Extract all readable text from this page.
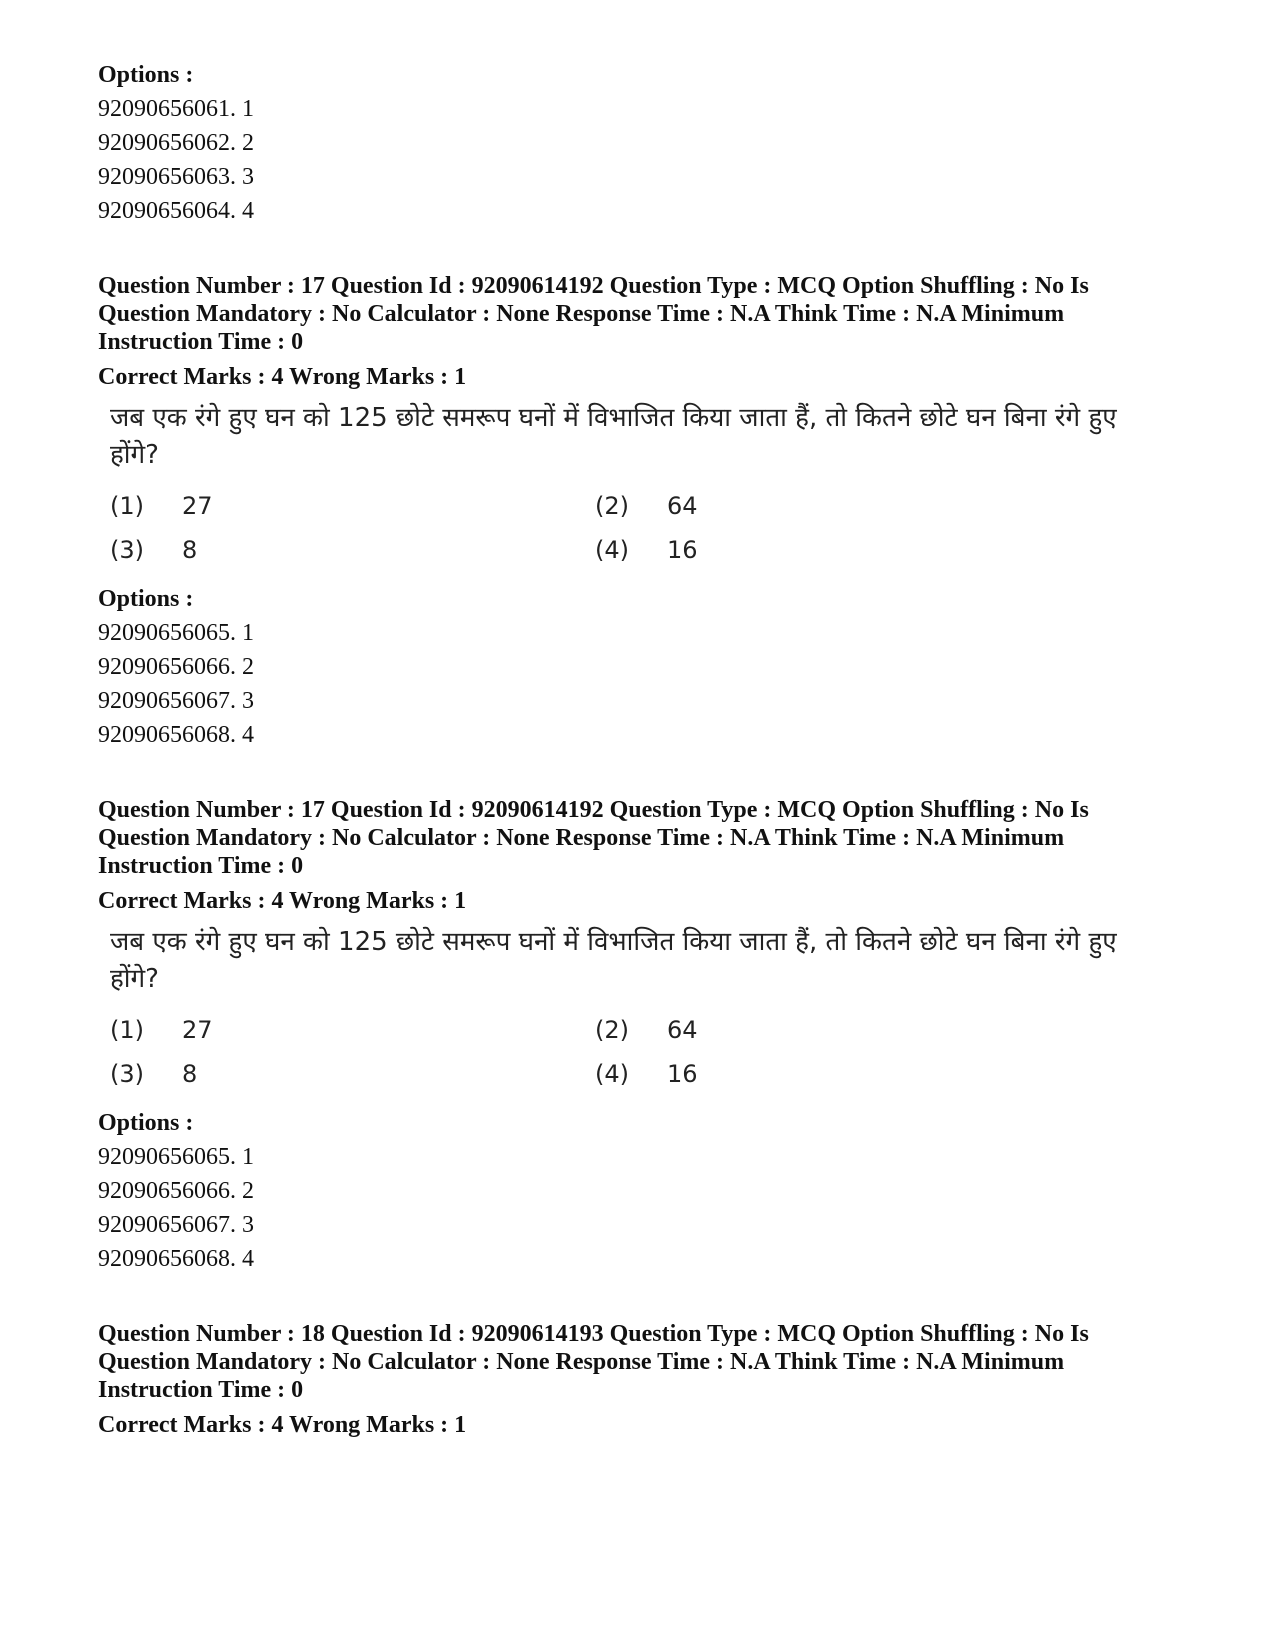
Options :
92090656061. 1
92090656062. 2
92090656063. 3
92090656064. 4
Question Number : 17 Question Id : 92090614192 Question Type : MCQ Option Shuffling : No Is Question Mandatory : No Calculator : None Response Time : N.A Think Time : N.A Minimum Instruction Time : 0
Correct Marks : 4 Wrong Marks : 1
जब एक रंगे हुए घन को 125 छोटे समरूप घनों में विभाजित किया जाता हैं, तो कितने छोटे घन बिना रंगे हुए होंगे?
(1)	27	(2)	64
(3)	8	(4)	16
Options :
92090656065. 1
92090656066. 2
92090656067. 3
92090656068. 4
Question Number : 17 Question Id : 92090614192 Question Type : MCQ Option Shuffling : No Is Question Mandatory : No Calculator : None Response Time : N.A Think Time : N.A Minimum Instruction Time : 0
Correct Marks : 4 Wrong Marks : 1
जब एक रंगे हुए घन को 125 छोटे समरूप घनों में विभाजित किया जाता हैं, तो कितने छोटे घन बिना रंगे हुए होंगे?
(1)	27	(2)	64
(3)	8	(4)	16
Options :
92090656065. 1
92090656066. 2
92090656067. 3
92090656068. 4
Question Number : 18 Question Id : 92090614193 Question Type : MCQ Option Shuffling : No Is Question Mandatory : No Calculator : None Response Time : N.A Think Time : N.A Minimum Instruction Time : 0
Correct Marks : 4 Wrong Marks : 1
